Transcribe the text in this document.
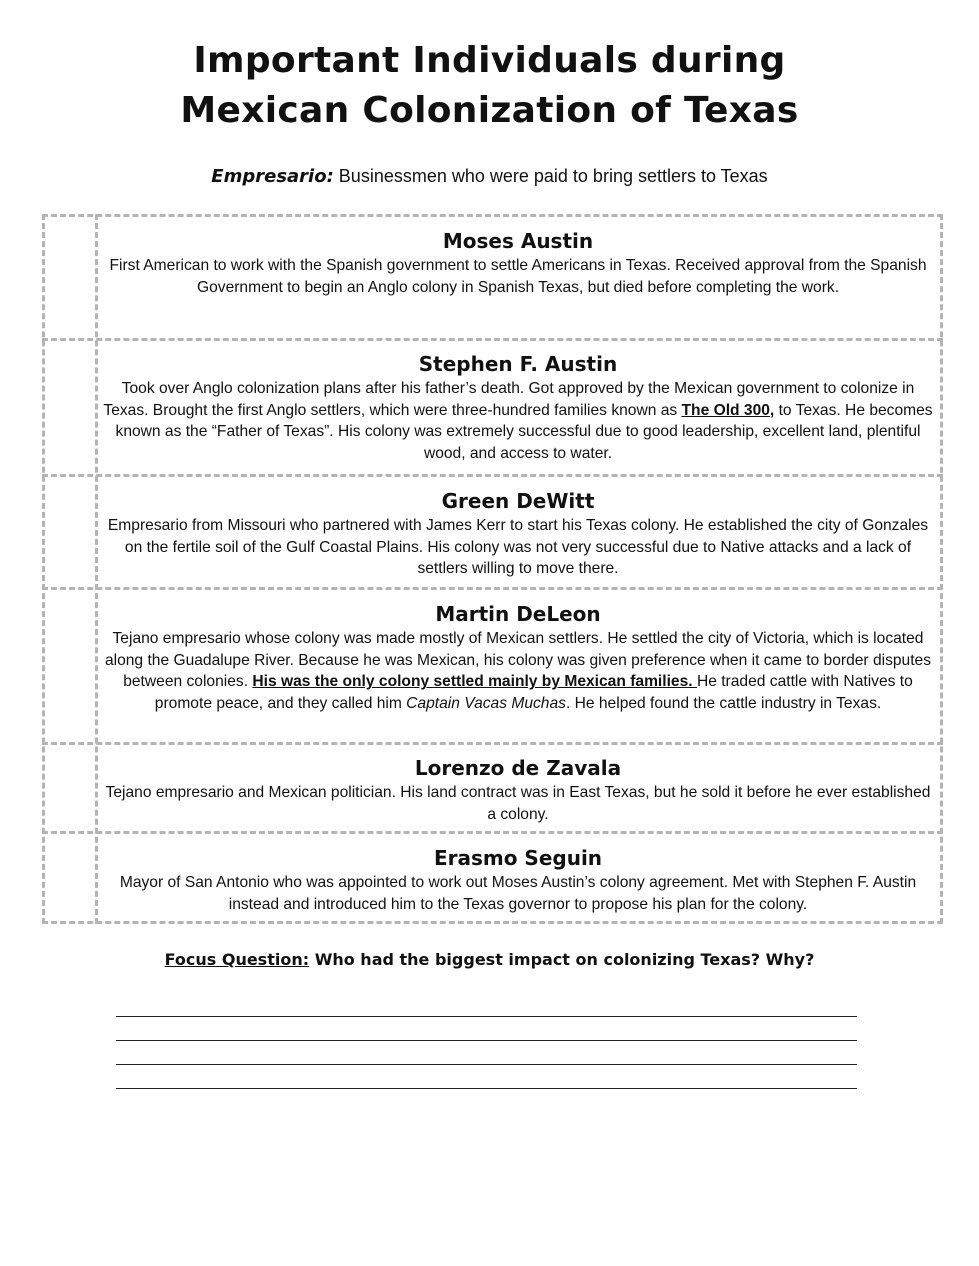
Important Individuals during
Mexican Colonization of Texas
Empresario: Businessmen who were paid to bring settlers to Texas
Moses Austin
First American to work with the Spanish government to settle Americans in Texas. Received approval from the Spanish Government to begin an Anglo colony in Spanish Texas, but died before completing the work.
Stephen F. Austin
Took over Anglo colonization plans after his father’s death. Got approved by the Mexican government to colonize in Texas. Brought the first Anglo settlers, which were three-hundred families known as The Old 300, to Texas. He becomes known as the “Father of Texas”. His colony was extremely successful due to good leadership, excellent land, plentiful wood, and access to water.
Green DeWitt
Empresario from Missouri who partnered with James Kerr to start his Texas colony. He established the city of Gonzales on the fertile soil of the Gulf Coastal Plains. His colony was not very successful due to Native attacks and a lack of settlers willing to move there.
Martin DeLeon
Tejano empresario whose colony was made mostly of Mexican settlers. He settled the city of Victoria, which is located along the Guadalupe River. Because he was Mexican, his colony was given preference when it came to border disputes between colonies. His was the only colony settled mainly by Mexican families. He traded cattle with Natives to promote peace, and they called him Captain Vacas Muchas. He helped found the cattle industry in Texas.
Lorenzo de Zavala
Tejano empresario and Mexican politician. His land contract was in East Texas, but he sold it before he ever established a colony.
Erasmo Seguin
Mayor of San Antonio who was appointed to work out Moses Austin’s colony agreement. Met with Stephen F. Austin instead and introduced him to the Texas governor to propose his plan for the colony.
Focus Question: Who had the biggest impact on colonizing Texas? Why?
